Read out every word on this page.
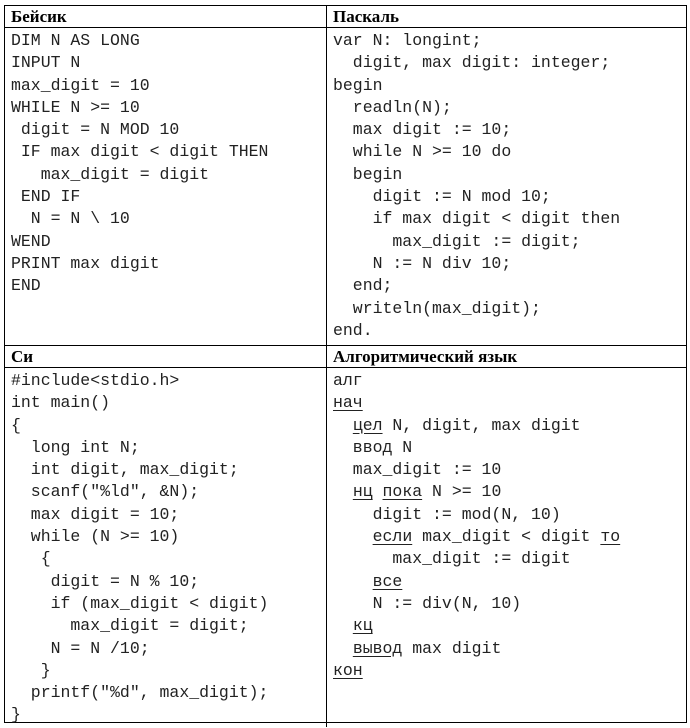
Бейсик	Паскаль
DIM N AS LONG
INPUT N
max_digit = 10
WHILE N >= 10
digit = N MOD 10
IF max digit < digit THEN
max_digit = digit
END IF
N = N \ 10
WEND
PRINT max digit
END
var N: longint;
digit, max digit: integer;
begin
readln(N);
max digit := 10;
while N >= 10 do
begin
digit := N mod 10;
if max digit < digit then
max_digit := digit;
N := N div 10;
end;
writeln(max_digit);
end.
Си	Алгоритмический язык
#include<stdio.h>
int main()
{
long int N;
int digit, max_digit;
scanf("%ld", &N);
max digit = 10;
while (N >= 10)
{
digit = N % 10;
if (max_digit < digit)
max_digit = digit;
N = N /10;
}
printf("%d", max_digit);
}
алг
нач
цел N, digit, max digit
ввод N
max_digit := 10
нц пока N >= 10
digit := mod(N, 10)
если max_digit < digit то
max_digit := digit
все
N := div(N, 10)
кц
вывод max digit
кон
